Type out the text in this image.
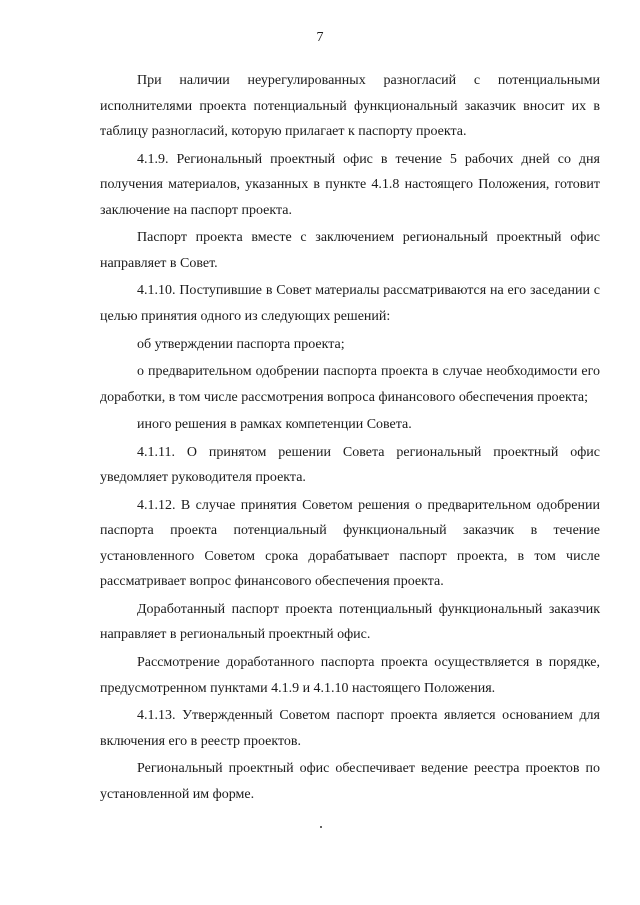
7

При наличии неурегулированных разногласий с потенциальными исполнителями проекта потенциальный функциональный заказчик вносит их в таблицу разногласий, которую прилагает к паспорту проекта.

4.1.9. Региональный проектный офис в течение 5 рабочих дней со дня получения материалов, указанных в пункте 4.1.8 настоящего Положения, готовит заключение на паспорт проекта.

Паспорт проекта вместе с заключением региональный проектный офис направляет в Совет.

4.1.10. Поступившие в Совет материалы рассматриваются на его заседании с целью принятия одного из следующих решений:

об утверждении паспорта проекта;

о предварительном одобрении паспорта проекта в случае необходимости его доработки, в том числе рассмотрения вопроса финансового обеспечения проекта;

иного решения в рамках компетенции Совета.

4.1.11. О принятом решении Совета региональный проектный офис уведомляет руководителя проекта.

4.1.12. В случае принятия Советом решения о предварительном одобрении паспорта проекта потенциальный функциональный заказчик в течение установленного Советом срока дорабатывает паспорт проекта, в том числе рассматривает вопрос финансового обеспечения проекта.

Доработанный паспорт проекта потенциальный функциональный заказчик направляет в региональный проектный офис.

Рассмотрение доработанного паспорта проекта осуществляется в порядке, предусмотренном пунктами 4.1.9 и 4.1.10 настоящего Положения.

4.1.13. Утвержденный Советом паспорт проекта является основанием для включения его в реестр проектов.

Региональный проектный офис обеспечивает ведение реестра проектов по установленной им форме.
